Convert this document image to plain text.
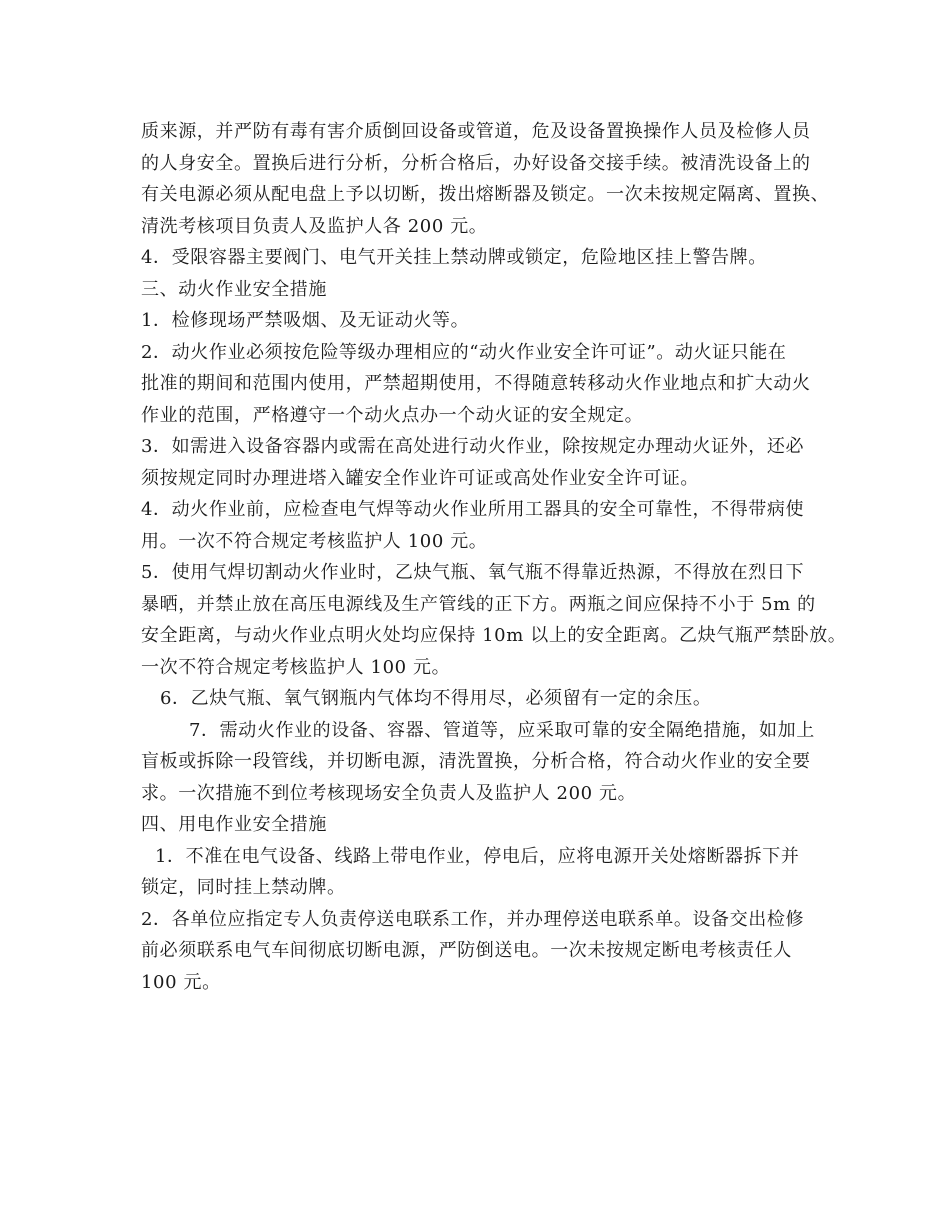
质来源，并严防有毒有害介质倒回设备或管道，危及设备置换操作人员及检修人员
的人身安全。置换后进行分析，分析合格后，办好设备交接手续。被清洗设备上的
有关电源必须从配电盘上予以切断，拨出熔断器及锁定。一次未按规定隔离、置换、
清洗考核项目负责人及监护人各 200 元。
4．受限容器主要阀门、电气开关挂上禁动牌或锁定，危险地区挂上警告牌。
三、动火作业安全措施
1．检修现场严禁吸烟、及无证动火等。
2．动火作业必须按危险等级办理相应的“动火作业安全许可证”。动火证只能在
批准的期间和范围内使用，严禁超期使用，不得随意转移动火作业地点和扩大动火
作业的范围，严格遵守一个动火点办一个动火证的安全规定。
3．如需进入设备容器内或需在高处进行动火作业，除按规定办理动火证外，还必
须按规定同时办理进塔入罐安全作业许可证或高处作业安全许可证。
4．动火作业前，应检查电气焊等动火作业所用工器具的安全可靠性，不得带病使
用。一次不符合规定考核监护人 100 元。
5．使用气焊切割动火作业时，乙炔气瓶、氧气瓶不得靠近热源，不得放在烈日下
暴晒，并禁止放在高压电源线及生产管线的正下方。两瓶之间应保持不小于 5m 的
安全距离，与动火作业点明火处均应保持 10m 以上的安全距离。乙炔气瓶严禁卧放。
一次不符合规定考核监护人 100 元。
6．乙炔气瓶、氧气钢瓶内气体均不得用尽，必须留有一定的余压。
7．需动火作业的设备、容器、管道等，应采取可靠的安全隔绝措施，如加上
盲板或拆除一段管线，并切断电源，清洗置换，分析合格，符合动火作业的安全要
求。一次措施不到位考核现场安全负责人及监护人 200 元。
四、用电作业安全措施
1．不准在电气设备、线路上带电作业，停电后，应将电源开关处熔断器拆下并
锁定，同时挂上禁动牌。
2．各单位应指定专人负责停送电联系工作，并办理停送电联系单。设备交出检修
前必须联系电气车间彻底切断电源，严防倒送电。一次未按规定断电考核责任人
100 元。
